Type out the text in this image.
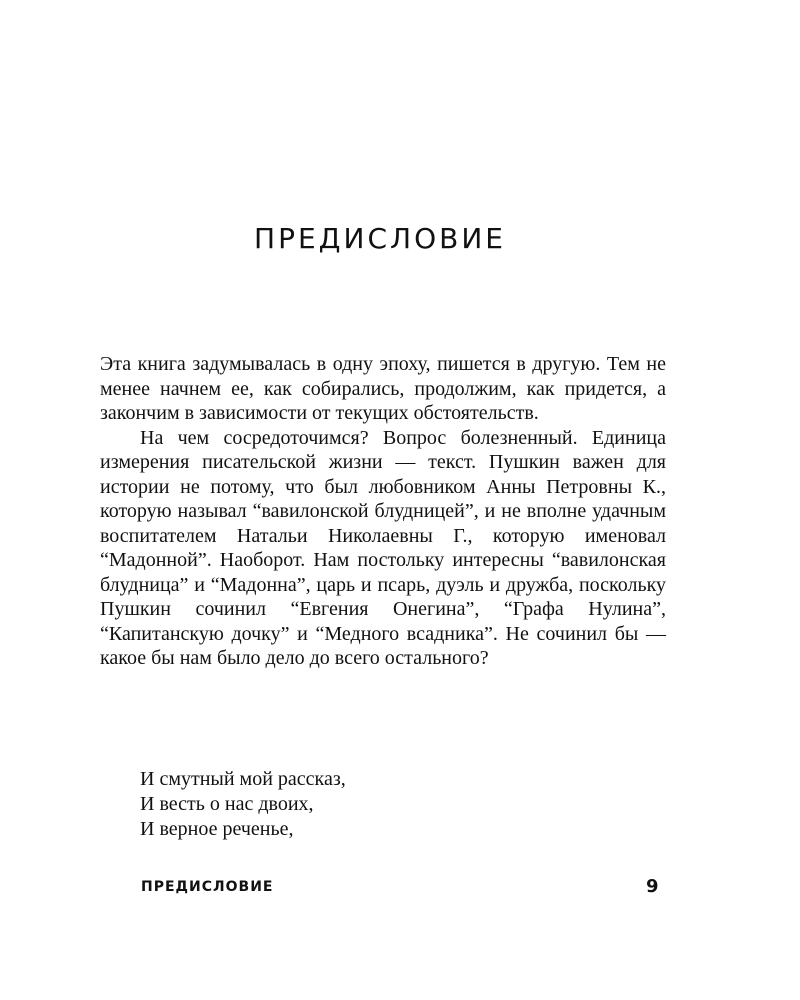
ПРЕДИСЛОВИЕ

Эта книга задумывалась в одну эпоху, пишется в другую. Тем не менее начнем ее, как собирались, продолжим, как придется, а закончим в зависимости от текущих обстоятельств.

На чем сосредоточимся? Вопрос болезненный. Единица измерения писательской жизни — текст. Пушкин важен для истории не потому, что был любовником Анны Петровны К., которую называл “вавилонской блудницей”, и не вполне удачным воспитателем Натальи Николаевны Г., которую именовал “Мадонной”. Наоборот. Нам постольку интересны “вавилонская блудница” и “Мадонна”, царь и псарь, дуэль и дружба, поскольку Пушкин сочинил “Евгения Онегина”, “Графа Нулина”, “Капитанскую дочку” и “Медного всадника”. Не сочинил бы — какое бы нам было дело до всего остального?

И смутный мой рассказ,
И весть о нас двоих,
И верное реченье,
ПРЕДИСЛОВИЕ	9
